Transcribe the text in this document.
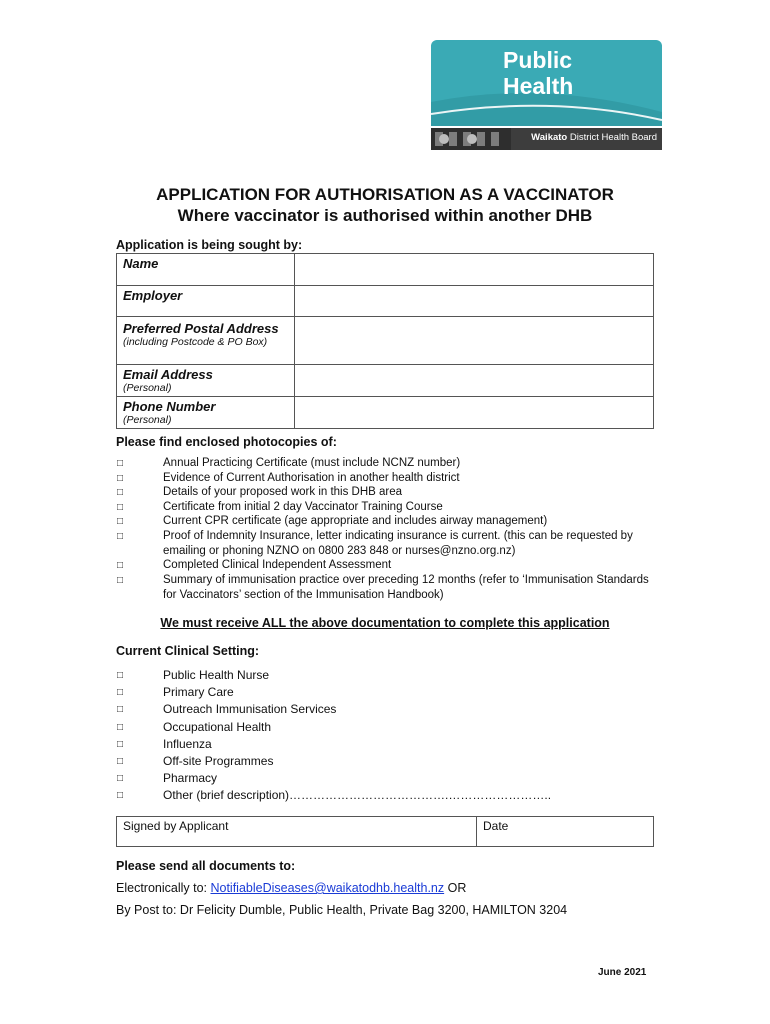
Public
Health
Waikato District Health Board
APPLICATION FOR AUTHORISATION AS A VACCINATOR
Where vaccinator is authorised within another DHB
Application is being sought by:
Name	

Employer	

Preferred Postal Address
(including Postcode & PO Box)	

Email Address
(Personal)	

Phone Number
(Personal)	

Please find enclosed photocopies of:
□	Annual Practicing Certificate (must include NCNZ number)
□	Evidence of Current Authorisation in another health district
□	Details of your proposed work in this DHB area
□	Certificate from initial 2 day Vaccinator Training Course
□	Current CPR certificate (age appropriate and includes airway management)
□	Proof of Indemnity Insurance, letter indicating insurance is current. (this can be requested by emailing or phoning NZNO on 0800 283 848 or nurses@nzno.org.nz)
□	Completed Clinical Independent Assessment
□	Summary of immunisation practice over preceding 12 months (refer to ‘Immunisation Standards for Vaccinators’ section of the Immunisation Handbook)
We must receive ALL the above documentation to complete this application
Current Clinical Setting:
□	Public Health Nurse
□	Primary Care
□	Outreach Immunisation Services
□	Occupational Health
□	Influenza
□	Off-site Programmes
□	Pharmacy
□	Other (brief description)………………………………….……………………..
Signed by Applicant	Date
Please send all documents to:
Electronically to: NotifiableDiseases@waikatodhb.health.nz OR
By Post to: Dr Felicity Dumble, Public Health, Private Bag 3200, HAMILTON 3204
June 2021
